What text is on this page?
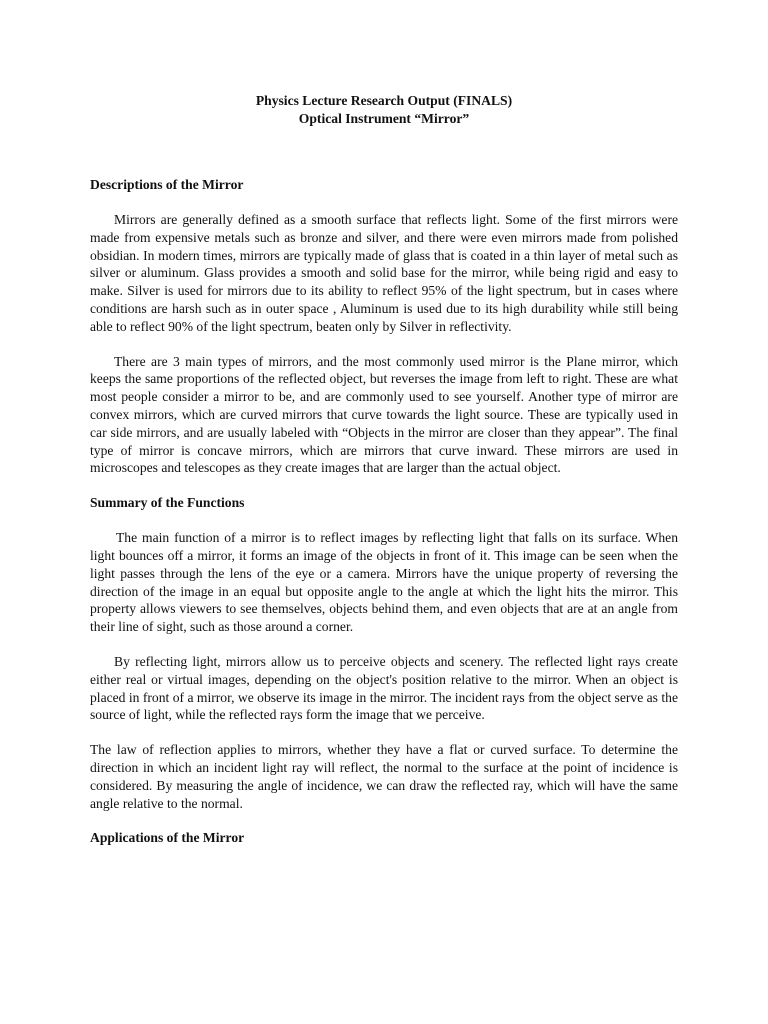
Physics Lecture Research Output (FINALS)

Optical Instrument “Mirror”

Descriptions of the Mirror

Mirrors are generally defined as a smooth surface that reflects light. Some of the first mirrors were made from expensive metals such as bronze and silver, and there were even mirrors made from polished obsidian. In modern times, mirrors are typically made of glass that is coated in a thin layer of metal such as silver or aluminum. Glass provides a smooth and solid base for the mirror, while being rigid and easy to make. Silver is used for mirrors due to its ability to reflect 95% of the light spectrum, but in cases where conditions are harsh such as in outer space , Aluminum is used due to its high durability while still being able to reflect 90% of the light spectrum, beaten only by Silver in reflectivity.

There are 3 main types of mirrors, and the most commonly used mirror is the Plane mirror, which keeps the same proportions of the reflected object, but reverses the image from left to right. These are what most people consider a mirror to be, and are commonly used to see yourself. Another type of mirror are convex mirrors, which are curved mirrors that curve towards the light source. These are typically used in car side mirrors, and are usually labeled with “Objects in the mirror are closer than they appear”. The final type of mirror is concave mirrors, which are mirrors that curve inward. These mirrors are used in microscopes and telescopes as they create images that are larger than the actual object.

Summary of the Functions

The main function of a mirror is to reflect images by reflecting light that falls on its surface. When light bounces off a mirror, it forms an image of the objects in front of it. This image can be seen when the light passes through the lens of the eye or a camera. Mirrors have the unique property of reversing the direction of the image in an equal but opposite angle to the angle at which the light hits the mirror. This property allows viewers to see themselves, objects behind them, and even objects that are at an angle from their line of sight, such as those around a corner.

By reflecting light, mirrors allow us to perceive objects and scenery. The reflected light rays create either real or virtual images, depending on the object's position relative to the mirror. When an object is placed in front of a mirror, we observe its image in the mirror. The incident rays from the object serve as the source of light, while the reflected rays form the image that we perceive.

The law of reflection applies to mirrors, whether they have a flat or curved surface. To determine the direction in which an incident light ray will reflect, the normal to the surface at the point of incidence is considered. By measuring the angle of incidence, we can draw the reflected ray, which will have the same angle relative to the normal.

Applications of the Mirror
